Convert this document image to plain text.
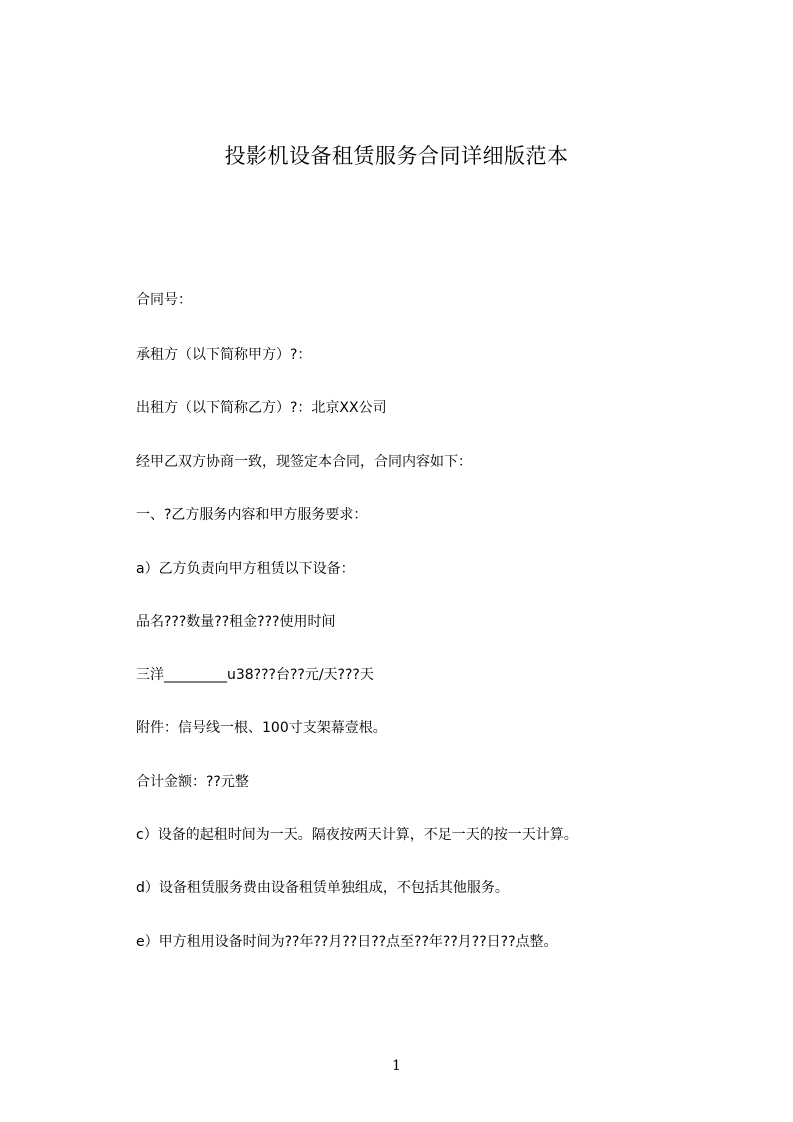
投影机设备租赁服务合同详细版范本
合同号：
承租方（以下简称甲方）?：
出租方（以下简称乙方）?：北京XX公司
经甲乙双方协商一致，现签定本合同，合同内容如下：
一、?乙方服务内容和甲方服务要求：
a）乙方负责向甲方租赁以下设备：
品名???数量??租金???使用时间
三洋_________u38???台??元/天???天
附件：信号线一根、100寸支架幕壹根。
合计金额：??元整
c）设备的起租时间为一天。隔夜按两天计算，不足一天的按一天计算。
d）设备租赁服务费由设备租赁单独组成，不包括其他服务。
e）甲方租用设备时间为??年??月??日??点至??年??月??日??点整。
1
